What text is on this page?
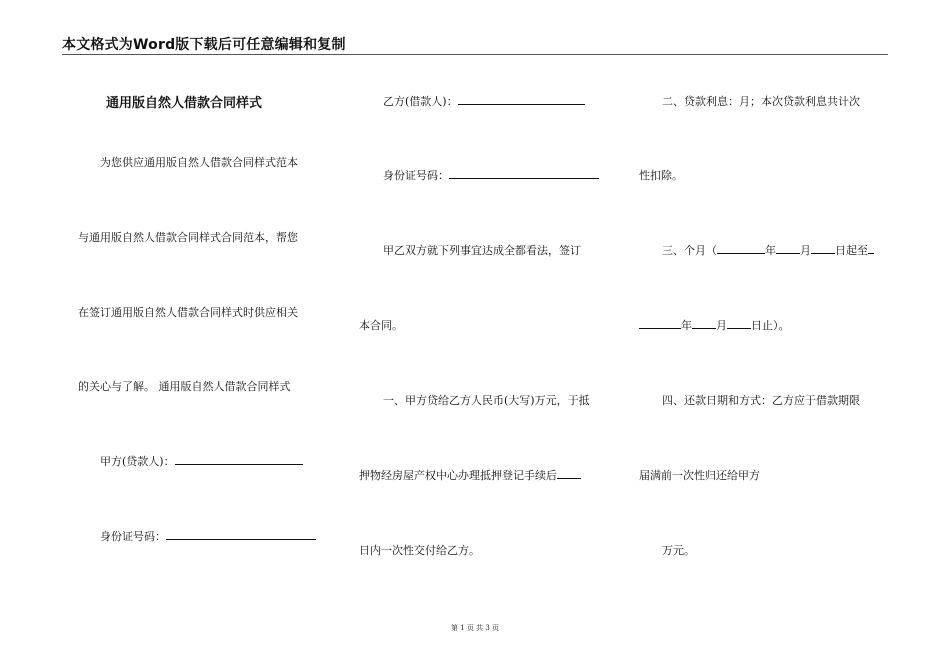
本文格式为Word版下载后可任意编辑和复制
通用版自然人借款合同样式
为您供应通用版自然人借款合同样式范本
与通用版自然人借款合同样式合同范本，帮您
在签订通用版自然人借款合同样式时供应相关
的关心与了解。 通用版自然人借款合同样式
甲方(贷款人)：
身份证号码：
乙方(借款人)：
身份证号码：
甲乙双方就下列事宜达成全都看法，签订
本合同。
一、甲方贷给乙方人民币(大写)万元，于抵
押物经房屋产权中心办理抵押登记手续后
日内一次性交付给乙方。
二、贷款利息：月；本次贷款利息共计次
性扣除。
三、个月（	年 月 日起至
年 月 日止）。
四、还款日期和方式：乙方应于借款期限
届满前一次性归还给甲方
万元。
第 1 页 共 3 页
